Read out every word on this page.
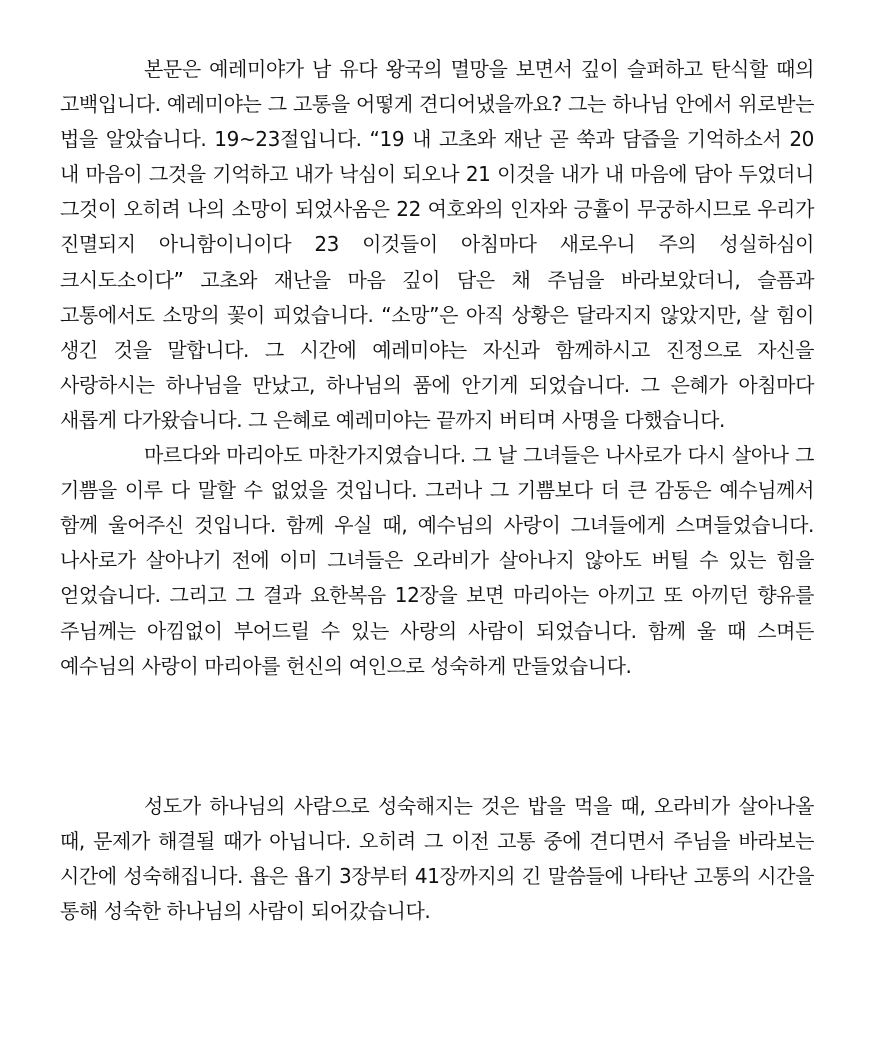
본문은 예레미야가 남 유다 왕국의 멸망을 보면서 깊이 슬퍼하고 탄식할 때의 고백입니다. 예레미야는 그 고통을 어떻게 견디어냈을까요? 그는 하나님 안에서 위로받는 법을 알았습니다. 19~23절입니다. “19 내 고초와 재난 곧 쑥과 담즙을 기억하소서 20 내 마음이 그것을 기억하고 내가 낙심이 되오나 21 이것을 내가 내 마음에 담아 두었더니 그것이 오히려 나의 소망이 되었사옴은 22 여호와의 인자와 긍휼이 무궁하시므로 우리가 진멸되지 아니함이니이다 23 이것들이 아침마다 새로우니 주의 성실하심이 크시도소이다” 고초와 재난을 마음 깊이 담은 채 주님을 바라보았더니, 슬픔과 고통에서도 소망의 꽃이 피었습니다. “소망”은 아직 상황은 달라지지 않았지만, 살 힘이 생긴 것을 말합니다. 그 시간에 예레미야는 자신과 함께하시고 진정으로 자신을 사랑하시는 하나님을 만났고, 하나님의 품에 안기게 되었습니다. 그 은혜가 아침마다 새롭게 다가왔습니다. 그 은혜로 예레미야는 끝까지 버티며 사명을 다했습니다.

마르다와 마리아도 마찬가지였습니다. 그 날 그녀들은 나사로가 다시 살아나 그 기쁨을 이루 다 말할 수 없었을 것입니다. 그러나 그 기쁨보다 더 큰 감동은 예수님께서 함께 울어주신 것입니다. 함께 우실 때, 예수님의 사랑이 그녀들에게 스며들었습니다. 나사로가 살아나기 전에 이미 그녀들은 오라비가 살아나지 않아도 버틸 수 있는 힘을 얻었습니다. 그리고 그 결과 요한복음 12장을 보면 마리아는 아끼고 또 아끼던 향유를 주님께는 아낌없이 부어드릴 수 있는 사랑의 사람이 되었습니다. 함께 울 때 스며든 예수님의 사랑이 마리아를 헌신의 여인으로 성숙하게 만들었습니다.

성도가 하나님의 사람으로 성숙해지는 것은 밥을 먹을 때, 오라비가 살아나올 때, 문제가 해결될 때가 아닙니다. 오히려 그 이전 고통 중에 견디면서 주님을 바라보는 시간에 성숙해집니다. 욥은 욥기 3장부터 41장까지의 긴 말씀들에 나타난 고통의 시간을 통해 성숙한 하나님의 사람이 되어갔습니다.
